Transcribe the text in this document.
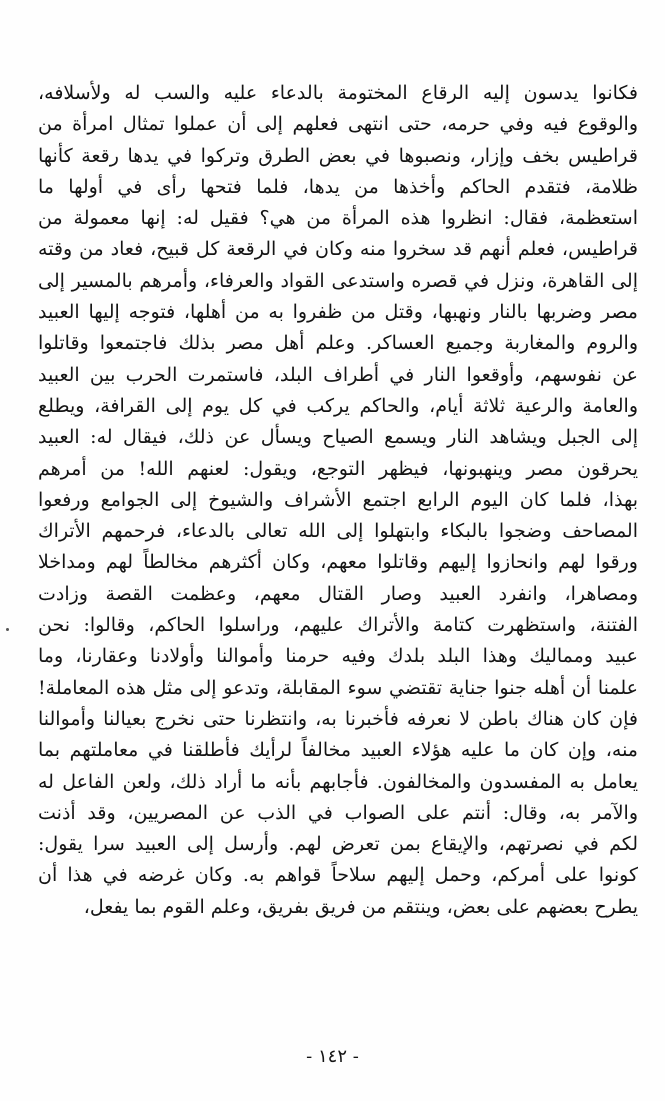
فكانوا يدسون إليه الرقاع المختومة بالدعاء عليه والسب له ولأسلافه،
والوقوع فيه وفي حرمه، حتى انتهى فعلهم إلى أن عملوا تمثال امرأة من
قراطيس بخف وإزار، ونصبوها في بعض الطرق وتركوا في يدها رقعة كأنها
ظلامة، فتقدم الحاكم وأخذها من يدها، فلما فتحها رأى في أولها ما
استعظمة، فقال: انظروا هذه المرأة من هي؟ فقيل له: إنها معمولة من
قراطيس، فعلم أنهم قد سخروا منه وكان في الرقعة كل قبيح، فعاد من وقته
إلى القاهرة، ونزل في قصره واستدعى القواد والعرفاء، وأمرهم بالمسير إلى
مصر وضربها بالنار ونهبها، وقتل من ظفروا به من أهلها، فتوجه إليها العبيد
والروم والمغاربة وجميع العساكر. وعلم أهل مصر بذلك فاجتمعوا وقاتلوا
عن نفوسهم، وأوقعوا النار في أطراف البلد، فاستمرت الحرب بين العبيد
والعامة والرعية ثلاثة أيام، والحاكم يركب في كل يوم إلى القرافة، ويطلع
إلى الجبل ويشاهد النار ويسمع الصياح ويسأل عن ذلك، فيقال له: العبيد
يحرقون مصر وينهبونها، فيظهر التوجع، ويقول: لعنهم الله! من أمرهم
بهذا، فلما كان اليوم الرابع اجتمع الأشراف والشيوخ إلى الجوامع ورفعوا
المصاحف وضجوا بالبكاء وابتهلوا إلى الله تعالى بالدعاء، فرحمهم الأتراك
ورقوا لهم وانحازوا إليهم وقاتلوا معهم، وكان أكثرهم مخالطاً لهم ومداخلا
ومصاهرا، وانفرد العبيد وصار القتال معهم، وعظمت القصة وزادت
الفتنة، واستظهرت كتامة والأتراك عليهم، وراسلوا الحاكم، وقالوا: نحن
عبيد ومماليك وهذا البلد بلدك وفيه حرمنا وأموالنا وأولادنا وعقارنا، وما
علمنا أن أهله جنوا جناية تقتضي سوء المقابلة، وتدعو إلى مثل هذه المعاملة!
فإن كان هناك باطن لا نعرفه فأخبرنا به، وانتظرنا حتى نخرج بعيالنا وأموالنا
منه، وإن كان ما عليه هؤلاء العبيد مخالفاً لرأيك فأطلقنا في معاملتهم بما
يعامل به المفسدون والمخالفون. فأجابهم بأنه ما أراد ذلك، ولعن الفاعل له
والآمر به، وقال: أنتم على الصواب في الذب عن المصريين، وقد أذنت
لكم في نصرتهم، والإيقاع بمن تعرض لهم. وأرسل إلى العبيد سرا يقول:
كونوا على أمركم، وحمل إليهم سلاحاً قواهم به. وكان غرضه في هذا أن
يطرح بعضهم على بعض، وينتقم من فريق بفريق، وعلم القوم بما يفعل،
- ١٤٢ -
